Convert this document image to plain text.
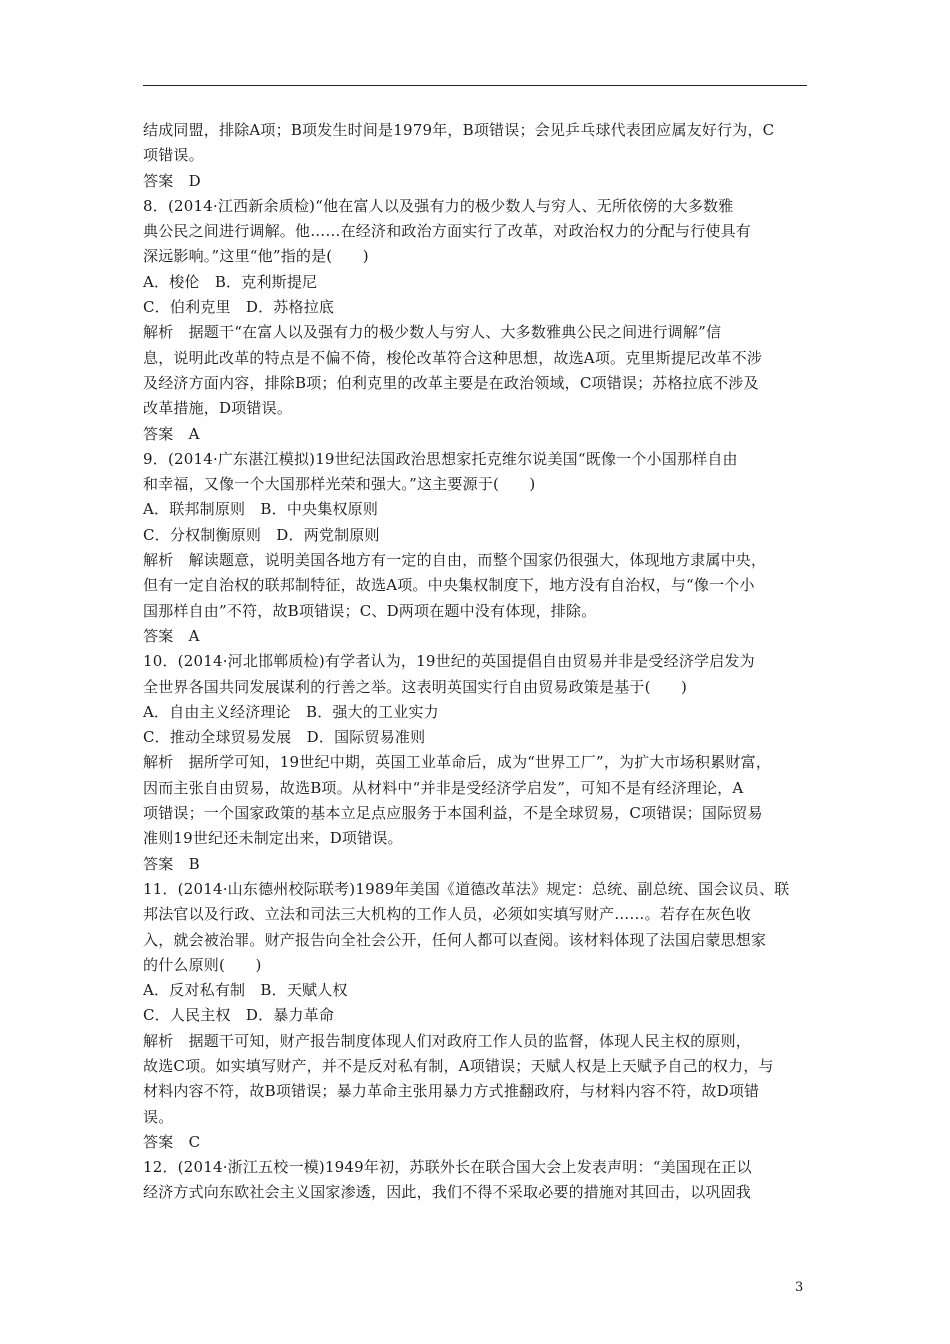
结成同盟，排除A项；B项发生时间是1979年，B项错误；会见乒乓球代表团应属友好行为，C
项错误。
答案　D
8．(2014·江西新余质检)“他在富人以及强有力的极少数人与穷人、无所依傍的大多数雅
典公民之间进行调解。他……在经济和政治方面实行了改革，对政治权力的分配与行使具有
深远影响。”这里“他”指的是(　　)
A．梭伦　B．克利斯提尼
C．伯利克里　D．苏格拉底
解析　据题干“在富人以及强有力的极少数人与穷人、大多数雅典公民之间进行调解”信
息，说明此改革的特点是不偏不倚，梭伦改革符合这种思想，故选A项。克里斯提尼改革不涉
及经济方面内容，排除B项；伯利克里的改革主要是在政治领域，C项错误；苏格拉底不涉及
改革措施，D项错误。
答案　A
9．(2014·广东湛江模拟)19世纪法国政治思想家托克维尔说美国“既像一个小国那样自由
和幸福，又像一个大国那样光荣和强大。”这主要源于(　　)
A．联邦制原则　B．中央集权原则
C．分权制衡原则　D．两党制原则
解析　解读题意，说明美国各地方有一定的自由，而整个国家仍很强大，体现地方隶属中央，
但有一定自治权的联邦制特征，故选A项。中央集权制度下，地方没有自治权，与“像一个小
国那样自由”不符，故B项错误；C、D两项在题中没有体现，排除。
答案　A
10．(2014·河北邯郸质检)有学者认为，19世纪的英国提倡自由贸易并非是受经济学启发为
全世界各国共同发展谋利的行善之举。这表明英国实行自由贸易政策是基于(　　)
A．自由主义经济理论　B．强大的工业实力
C．推动全球贸易发展　D．国际贸易准则
解析　据所学可知，19世纪中期，英国工业革命后，成为“世界工厂”，为扩大市场积累财富，
因而主张自由贸易，故选B项。从材料中“并非是受经济学启发”，可知不是有经济理论，A
项错误；一个国家政策的基本立足点应服务于本国利益，不是全球贸易，C项错误；国际贸易
准则19世纪还未制定出来，D项错误。
答案　B
11．(2014·山东德州校际联考)1989年美国《道德改革法》规定：总统、副总统、国会议员、联
邦法官以及行政、立法和司法三大机构的工作人员，必须如实填写财产……。若存在灰色收
入，就会被治罪。财产报告向全社会公开，任何人都可以查阅。该材料体现了法国启蒙思想家
的什么原则(　　)
A．反对私有制　B．天赋人权
C．人民主权　D．暴力革命
解析　据题干可知，财产报告制度体现人们对政府工作人员的监督，体现人民主权的原则，
故选C项。如实填写财产，并不是反对私有制，A项错误；天赋人权是上天赋予自己的权力，与
材料内容不符，故B项错误；暴力革命主张用暴力方式推翻政府，与材料内容不符，故D项错
误。
答案　C
12．(2014·浙江五校一模)1949年初，苏联外长在联合国大会上发表声明：“美国现在正以
经济方式向东欧社会主义国家渗透，因此，我们不得不采取必要的措施对其回击，以巩固我
3
